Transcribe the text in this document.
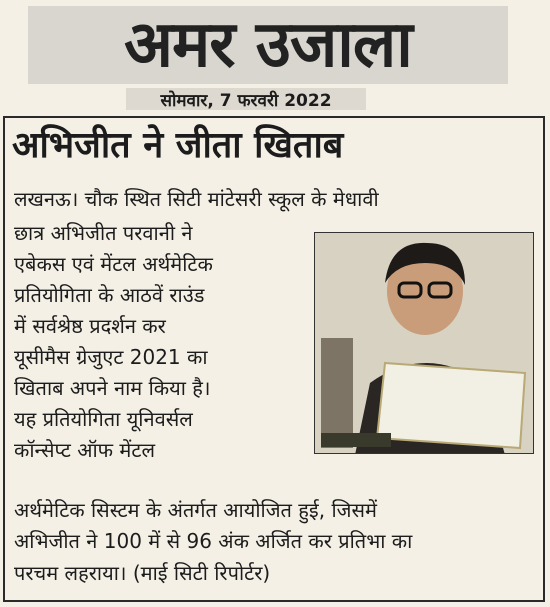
अमर उजाला
सोमवार, 7 फरवरी 2022
अभिजीत ने जीता खिताब
लखनऊ। चौक स्थित सिटी मांटेसरी स्कूल के मेधावी
छात्र अभिजीत परवानी ने
एबेकस एवं मेंटल अर्थमेटिक
प्रतियोगिता के आठवें राउंड
में सर्वश्रेष्ठ प्रदर्शन कर
यूसीमैस ग्रेजुएट 2021 का
खिताब अपने नाम किया है।
यह प्रतियोगिता यूनिवर्सल
कॉन्सेप्ट ऑफ मेंटल
अर्थमेटिक सिस्टम के अंतर्गत आयोजित हुई, जिसमें
अभिजीत ने 100 में से 96 अंक अर्जित कर प्रतिभा का
परचम लहराया। (माई सिटी रिपोर्टर)
